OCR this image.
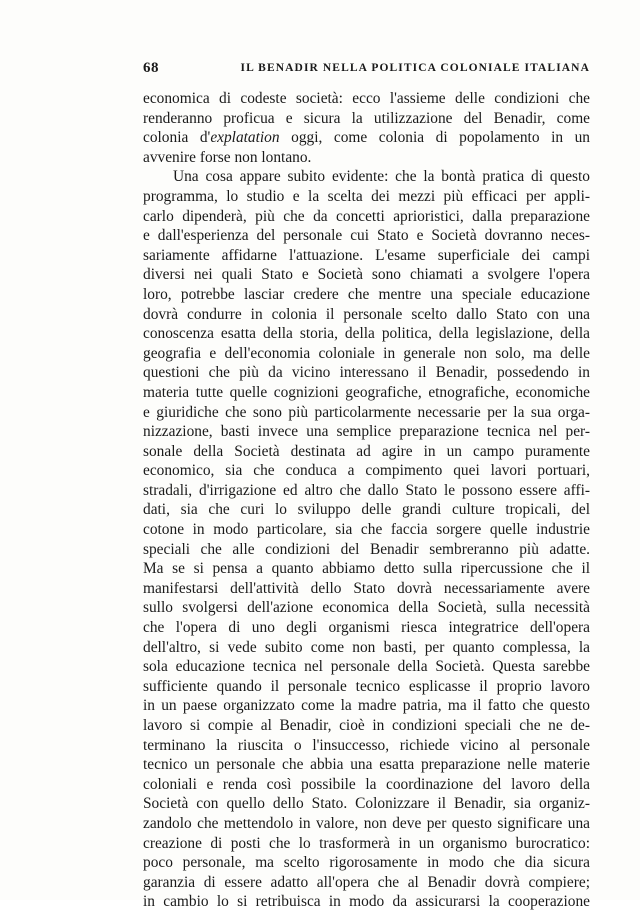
68	IL BENADIR NELLA POLITICA COLONIALE ITALIANA
economica di codeste società: ecco l'assieme delle condizioni che
renderanno proficua e sicura la utilizzazione del Benadir, come
colonia d'explatation oggi, come colonia di popolamento in un
avvenire forse non lontano.
Una cosa appare subito evidente: che la bontà pratica di questo
programma, lo studio e la scelta dei mezzi più efficaci per appli-
carlo dipenderà, più che da concetti aprioristici, dalla preparazione
e dall'esperienza del personale cui Stato e Società dovranno neces-
sariamente affidarne l'attuazione. L'esame superficiale dei campi
diversi nei quali Stato e Società sono chiamati a svolgere l'opera
loro, potrebbe lasciar credere che mentre una speciale educazione
dovrà condurre in colonia il personale scelto dallo Stato con una
conoscenza esatta della storia, della politica, della legislazione, della
geografia e dell'economia coloniale in generale non solo, ma delle
questioni che più da vicino interessano il Benadir, possedendo in
materia tutte quelle cognizioni geografiche, etnografiche, economiche
e giuridiche che sono più particolarmente necessarie per la sua orga-
nizzazione, basti invece una semplice preparazione tecnica nel per-
sonale della Società destinata ad agire in un campo puramente
economico, sia che conduca a compimento quei lavori portuari,
stradali, d'irrigazione ed altro che dallo Stato le possono essere affi-
dati, sia che curi lo sviluppo delle grandi culture tropicali, del
cotone in modo particolare, sia che faccia sorgere quelle industrie
speciali che alle condizioni del Benadir sembreranno più adatte.
Ma se si pensa a quanto abbiamo detto sulla ripercussione che il
manifestarsi dell'attività dello Stato dovrà necessariamente avere
sullo svolgersi dell'azione economica della Società, sulla necessità
che l'opera di uno degli organismi riesca integratrice dell'opera
dell'altro, si vede subito come non basti, per quanto complessa, la
sola educazione tecnica nel personale della Società. Questa sarebbe
sufficiente quando il personale tecnico esplicasse il proprio lavoro
in un paese organizzato come la madre patria, ma il fatto che questo
lavoro si compie al Benadir, cioè in condizioni speciali che ne de-
terminano la riuscita o l'insuccesso, richiede vicino al personale
tecnico un personale che abbia una esatta preparazione nelle materie
coloniali e renda così possibile la coordinazione del lavoro della
Società con quello dello Stato. Colonizzare il Benadir, sia organiz-
zandolo che mettendolo in valore, non deve per questo significare una
creazione di posti che lo trasformerà in un organismo burocratico:
poco personale, ma scelto rigorosamente in modo che dia sicura
garanzia di essere adatto all'opera che al Benadir dovrà compiere;
in cambio lo si retribuisca in modo da assicurarsi la cooperazione
